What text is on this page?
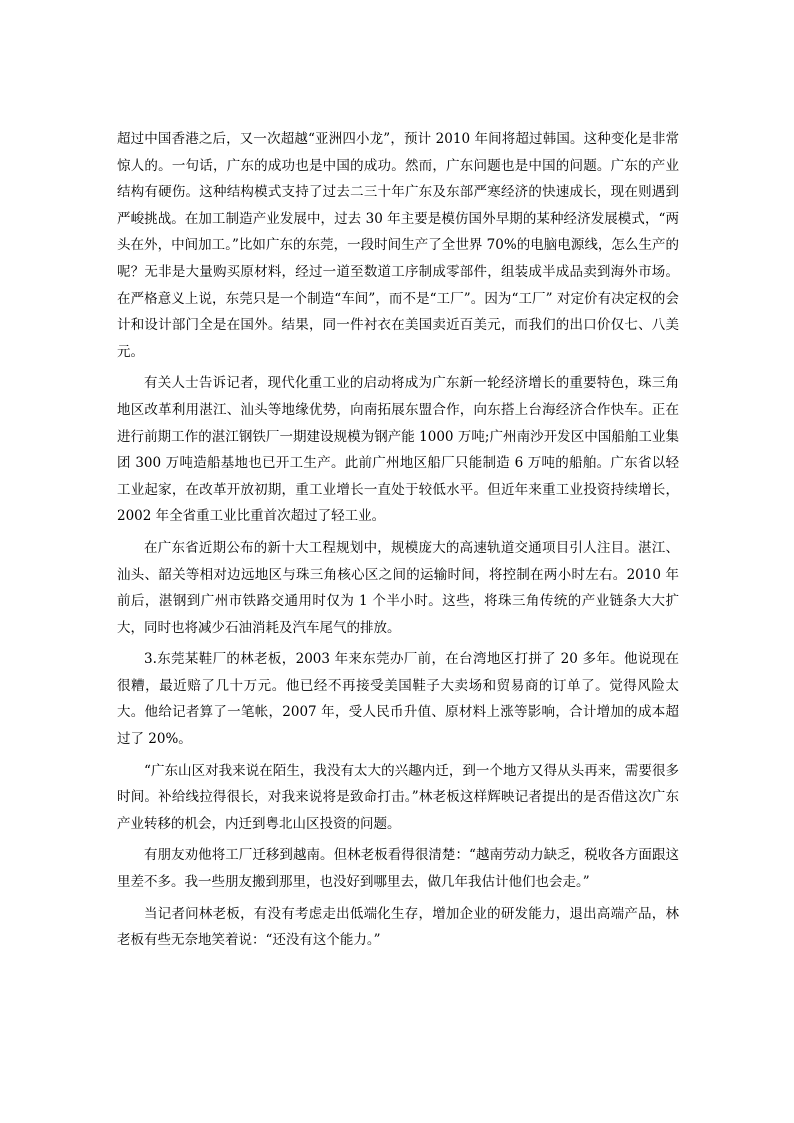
超过中国香港之后，又一次超越“亚洲四小龙”，预计 2010 年间将超过韩国。这种变化是非常惊人的。一句话，广东的成功也是中国的成功。然而，广东问题也是中国的问题。广东的产业结构有硬伤。这种结构模式支持了过去二三十年广东及东部严寒经济的快速成长，现在则遇到严峻挑战。在加工制造产业发展中，过去 30 年主要是模仿国外早期的某种经济发展模式，“两头在外，中间加工。”比如广东的东莞，一段时间生产了全世界 70%的电脑电源线，怎么生产的呢？无非是大量购买原材料，经过一道至数道工序制成零部件，组装成半成品卖到海外市场。在严格意义上说，东莞只是一个制造“车间”，而不是“工厂”。因为“工厂” 对定价有决定权的会计和设计部门全是在国外。结果，同一件衬衣在美国卖近百美元，而我们的出口价仅七、八美元。

有关人士告诉记者，现代化重工业的启动将成为广东新一轮经济增长的重要特色，珠三角地区改革利用湛江、汕头等地缘优势，向南拓展东盟合作，向东搭上台海经济合作快车。正在进行前期工作的湛江钢铁厂一期建设规模为钢产能 1000 万吨;广州南沙开发区中国船舶工业集团 300 万吨造船基地也已开工生产。此前广州地区船厂只能制造 6 万吨的船舶。广东省以轻工业起家，在改革开放初期，重工业增长一直处于较低水平。但近年来重工业投资持续增长，2002 年全省重工业比重首次超过了轻工业。

在广东省近期公布的新十大工程规划中，规模庞大的高速轨道交通项目引人注目。湛江、汕头、韶关等相对边远地区与珠三角核心区之间的运输时间，将控制在两小时左右。2010 年前后，湛钢到广州市铁路交通用时仅为 1 个半小时。这些，将珠三角传统的产业链条大大扩大，同时也将减少石油消耗及汽车尾气的排放。

3.东莞某鞋厂的林老板，2003 年来东莞办厂前，在台湾地区打拼了 20 多年。他说现在很糟，最近赔了几十万元。他已经不再接受美国鞋子大卖场和贸易商的订单了。觉得风险太大。他给记者算了一笔帐，2007 年，受人民币升值、原材料上涨等影响，合计增加的成本超过了 20%。

“广东山区对我来说在陌生，我没有太大的兴趣内迁，到一个地方又得从头再来，需要很多时间。补给线拉得很长，对我来说将是致命打击。”林老板这样辉映记者提出的是否借这次广东产业转移的机会，内迁到粤北山区投资的问题。

有朋友劝他将工厂迁移到越南。但林老板看得很清楚：“越南劳动力缺乏，税收各方面跟这里差不多。我一些朋友搬到那里，也没好到哪里去，做几年我估计他们也会走。”

当记者问林老板，有没有考虑走出低端化生存，增加企业的研发能力，退出高端产品，林老板有些无奈地笑着说：“还没有这个能力。”
